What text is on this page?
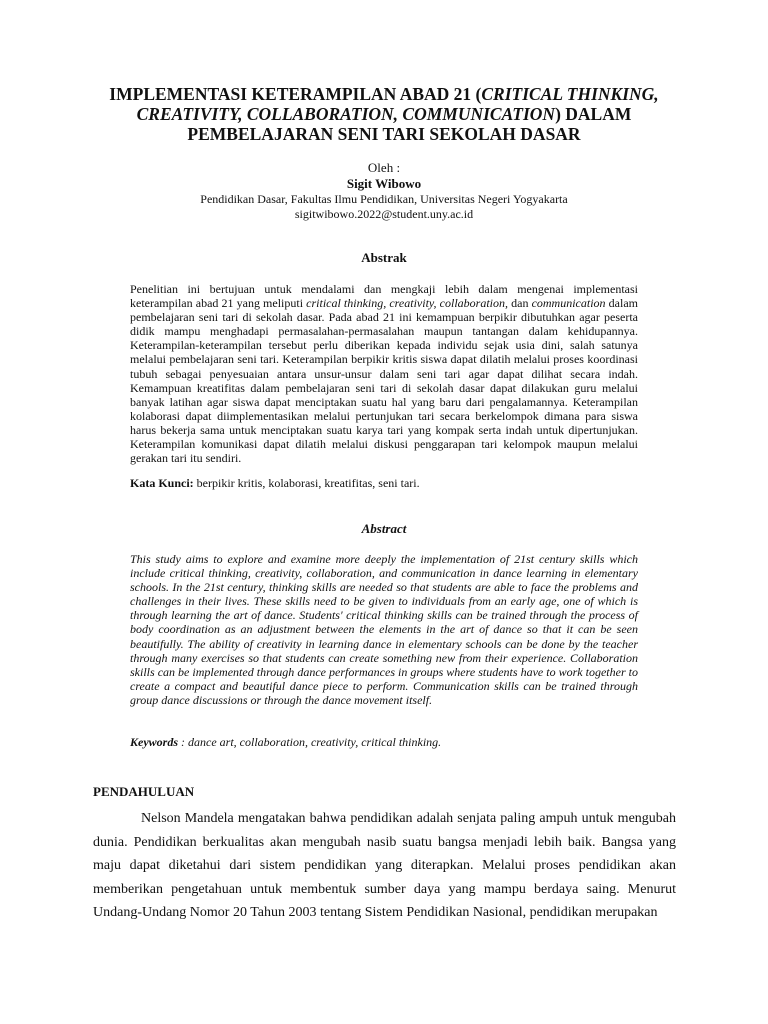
IMPLEMENTASI KETERAMPILAN ABAD 21 (CRITICAL THINKING, CREATIVITY, COLLABORATION, COMMUNICATION) DALAM PEMBELAJARAN SENI TARI SEKOLAH DASAR
Oleh :
Sigit Wibowo
Pendidikan Dasar, Fakultas Ilmu Pendidikan, Universitas Negeri Yogyakarta
sigitwibowo.2022@student.uny.ac.id
Abstrak
Penelitian ini bertujuan untuk mendalami dan mengkaji lebih dalam mengenai implementasi keterampilan abad 21 yang meliputi critical thinking, creativity, collaboration, dan communication dalam pembelajaran seni tari di sekolah dasar. Pada abad 21 ini kemampuan berpikir dibutuhkan agar peserta didik mampu menghadapi permasalahan-permasalahan maupun tantangan dalam kehidupannya. Keterampilan-keterampilan tersebut perlu diberikan kepada individu sejak usia dini, salah satunya melalui pembelajaran seni tari. Keterampilan berpikir kritis siswa dapat dilatih melalui proses koordinasi tubuh sebagai penyesuaian antara unsur-unsur dalam seni tari agar dapat dilihat secara indah. Kemampuan kreatifitas dalam pembelajaran seni tari di sekolah dasar dapat dilakukan guru melalui banyak latihan agar siswa dapat menciptakan suatu hal yang baru dari pengalamannya. Keterampilan kolaborasi dapat diimplementasikan melalui pertunjukan tari secara berkelompok dimana para siswa harus bekerja sama untuk menciptakan suatu karya tari yang kompak serta indah untuk dipertunjukan. Keterampilan komunikasi dapat dilatih melalui diskusi penggarapan tari kelompok maupun melalui gerakan tari itu sendiri.
Kata Kunci: berpikir kritis, kolaborasi, kreatifitas, seni tari.
Abstract
This study aims to explore and examine more deeply the implementation of 21st century skills which include critical thinking, creativity, collaboration, and communication in dance learning in elementary schools. In the 21st century, thinking skills are needed so that students are able to face the problems and challenges in their lives. These skills need to be given to individuals from an early age, one of which is through learning the art of dance. Students' critical thinking skills can be trained through the process of body coordination as an adjustment between the elements in the art of dance so that it can be seen beautifully. The ability of creativity in learning dance in elementary schools can be done by the teacher through many exercises so that students can create something new from their experience. Collaboration skills can be implemented through dance performances in groups where students have to work together to create a compact and beautiful dance piece to perform. Communication skills can be trained through group dance discussions or through the dance movement itself.
Keywords : dance art, collaboration, creativity, critical thinking.
PENDAHULUAN
Nelson Mandela mengatakan bahwa pendidikan adalah senjata paling ampuh untuk mengubah dunia. Pendidikan berkualitas akan mengubah nasib suatu bangsa menjadi lebih baik. Bangsa yang maju dapat diketahui dari sistem pendidikan yang diterapkan. Melalui proses pendidikan akan memberikan pengetahuan untuk membentuk sumber daya yang mampu berdaya saing. Menurut Undang-Undang Nomor 20 Tahun 2003 tentang Sistem Pendidikan Nasional, pendidikan merupakan
